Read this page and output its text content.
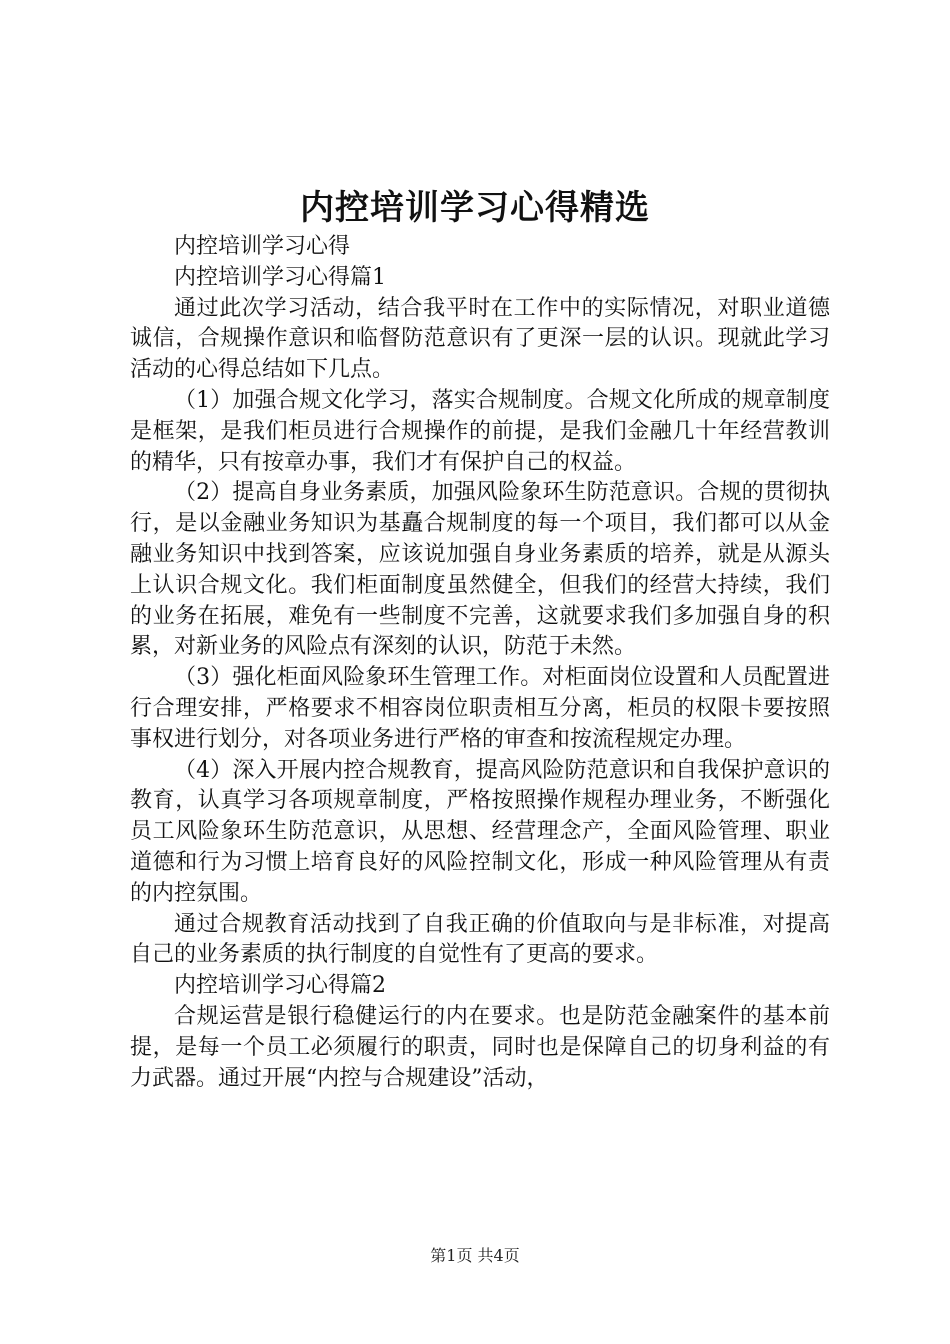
内控培训学习心得精选

内控培训学习心得

内控培训学习心得篇1

通过此次学习活动，结合我平时在工作中的实际情况，对职业道德诚信，合规操作意识和临督防范意识有了更深一层的认识。现就此学习活动的心得总结如下几点。

（1）加强合规文化学习，落实合规制度。合规文化所成的规章制度是框架，是我们柜员进行合规操作的前提，是我们金融几十年经营教训的精华，只有按章办事，我们才有保护自己的权益。

（2）提高自身业务素质，加强风险象环生防范意识。合规的贯彻执行，是以金融业务知识为基矗合规制度的每一个项目，我们都可以从金融业务知识中找到答案，应该说加强自身业务素质的培养，就是从源头上认识合规文化。我们柜面制度虽然健全，但我们的经营大持续，我们的业务在拓展，难免有一些制度不完善，这就要求我们多加强自身的积累，对新业务的风险点有深刻的认识，防范于未然。

（3）强化柜面风险象环生管理工作。对柜面岗位设置和人员配置进行合理安排，严格要求不相容岗位职责相互分离，柜员的权限卡要按照事权进行划分，对各项业务进行严格的审查和按流程规定办理。

（4）深入开展内控合规教育，提高风险防范意识和自我保护意识的教育，认真学习各项规章制度，严格按照操作规程办理业务，不断强化员工风险象环生防范意识，从思想、经营理念产，全面风险管理、职业道德和行为习惯上培育良好的风险控制文化，形成一种风险管理从有责的内控氛围。

通过合规教育活动找到了自我正确的价值取向与是非标准，对提高自己的业务素质的执行制度的自觉性有了更高的要求。

内控培训学习心得篇2

合规运营是银行稳健运行的内在要求。也是防范金融案件的基本前提，是每一个员工必须履行的职责，同时也是保障自己的切身利益的有力武器。通过开展“内控与合规建设”活动，

第1页 共4页
